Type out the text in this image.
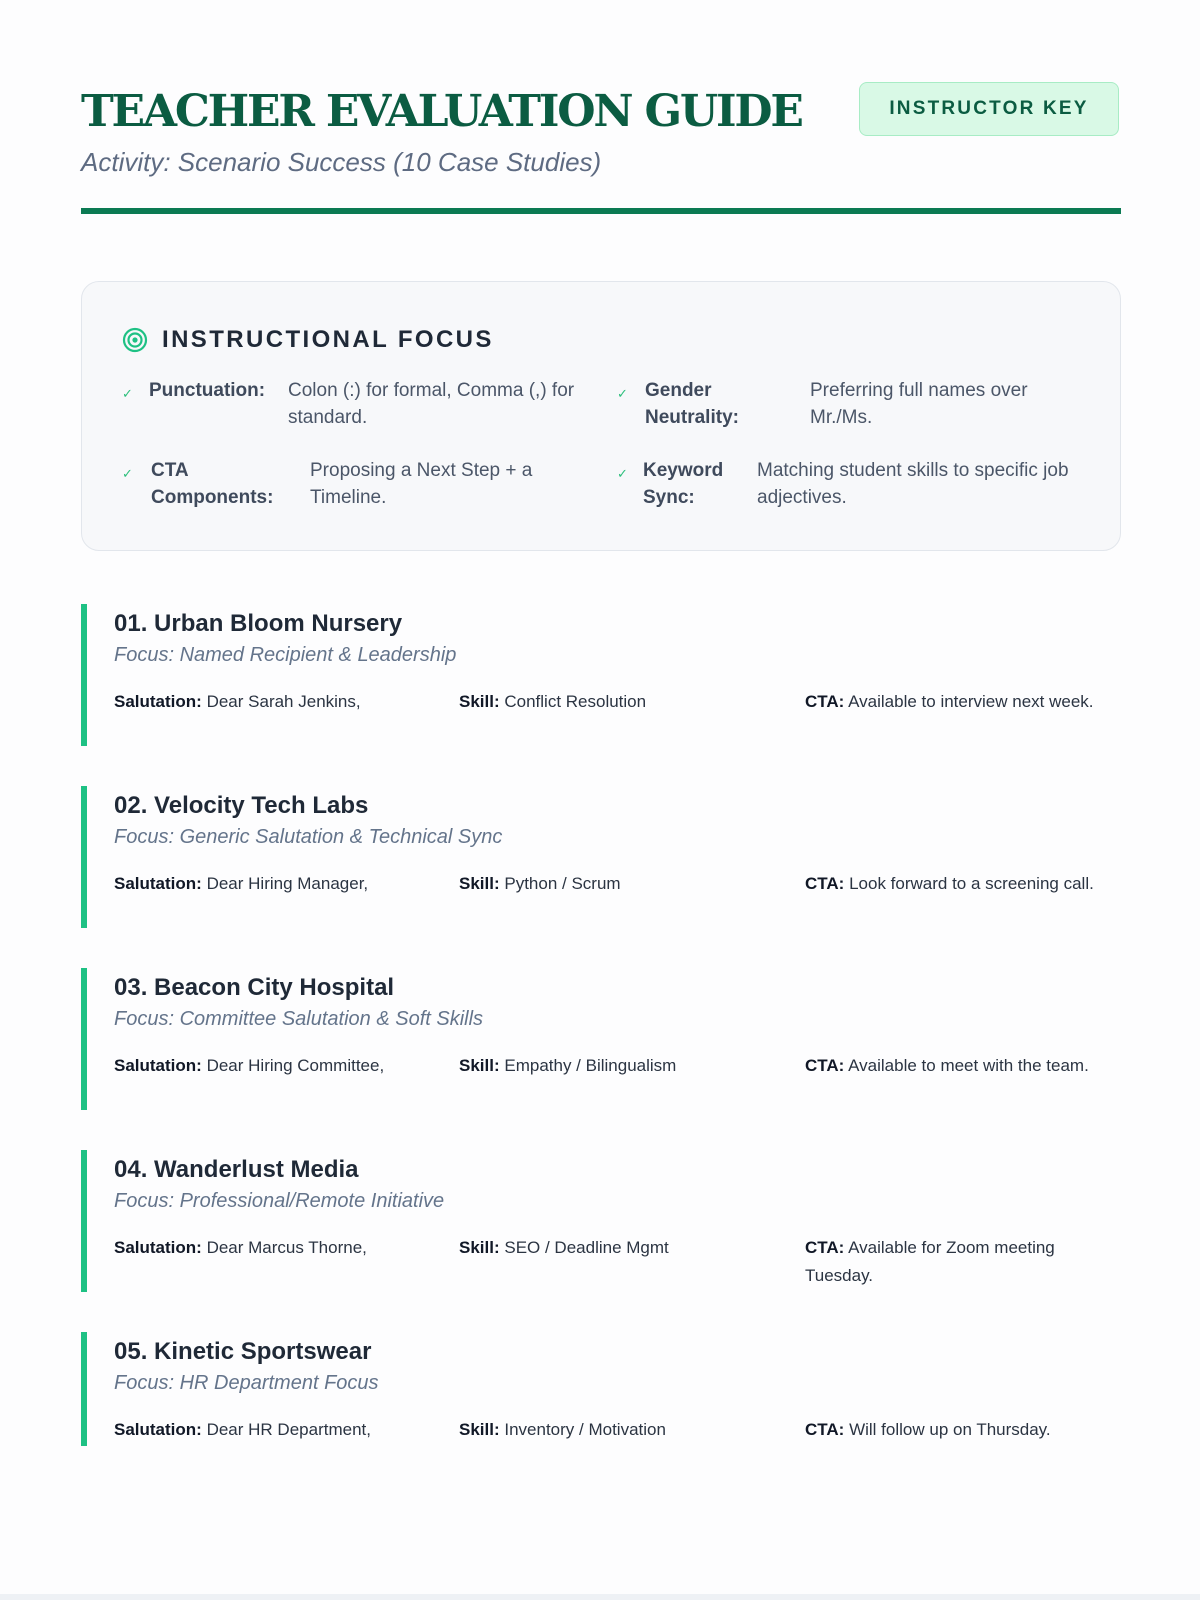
TEACHER EVALUATION GUIDE
Activity: Scenario Success (10 Case Studies)
INSTRUCTOR KEY
INSTRUCTIONAL FOCUS
✓ Punctuation:	Colon (:) for formal, Comma (,) for standard.
✓ Gender Neutrality:
Preferring full names over Mr./Ms.
✓ CTA Components:
Proposing a Next Step + a Timeline.
✓ Keyword Sync:
Matching student skills to specific job adjectives.
01. Urban Bloom Nursery
Focus: Named Recipient & Leadership
Salutation: Dear Sarah Jenkins,	Skill: Conflict Resolution	CTA: Available to interview next week.
02. Velocity Tech Labs
Focus: Generic Salutation & Technical Sync
Salutation: Dear Hiring Manager,	Skill: Python / Scrum	CTA: Look forward to a screening call.
03. Beacon City Hospital
Focus: Committee Salutation & Soft Skills
Salutation: Dear Hiring Committee,	Skill: Empathy / Bilingualism	CTA: Available to meet with the team.
04. Wanderlust Media
Focus: Professional/Remote Initiative
Salutation: Dear Marcus Thorne,	Skill: SEO / Deadline Mgmt	CTA: Available for Zoom meeting Tuesday.
05. Kinetic Sportswear
Focus: HR Department Focus
Salutation: Dear HR Department,	Skill: Inventory / Motivation	CTA: Will follow up on Thursday.
